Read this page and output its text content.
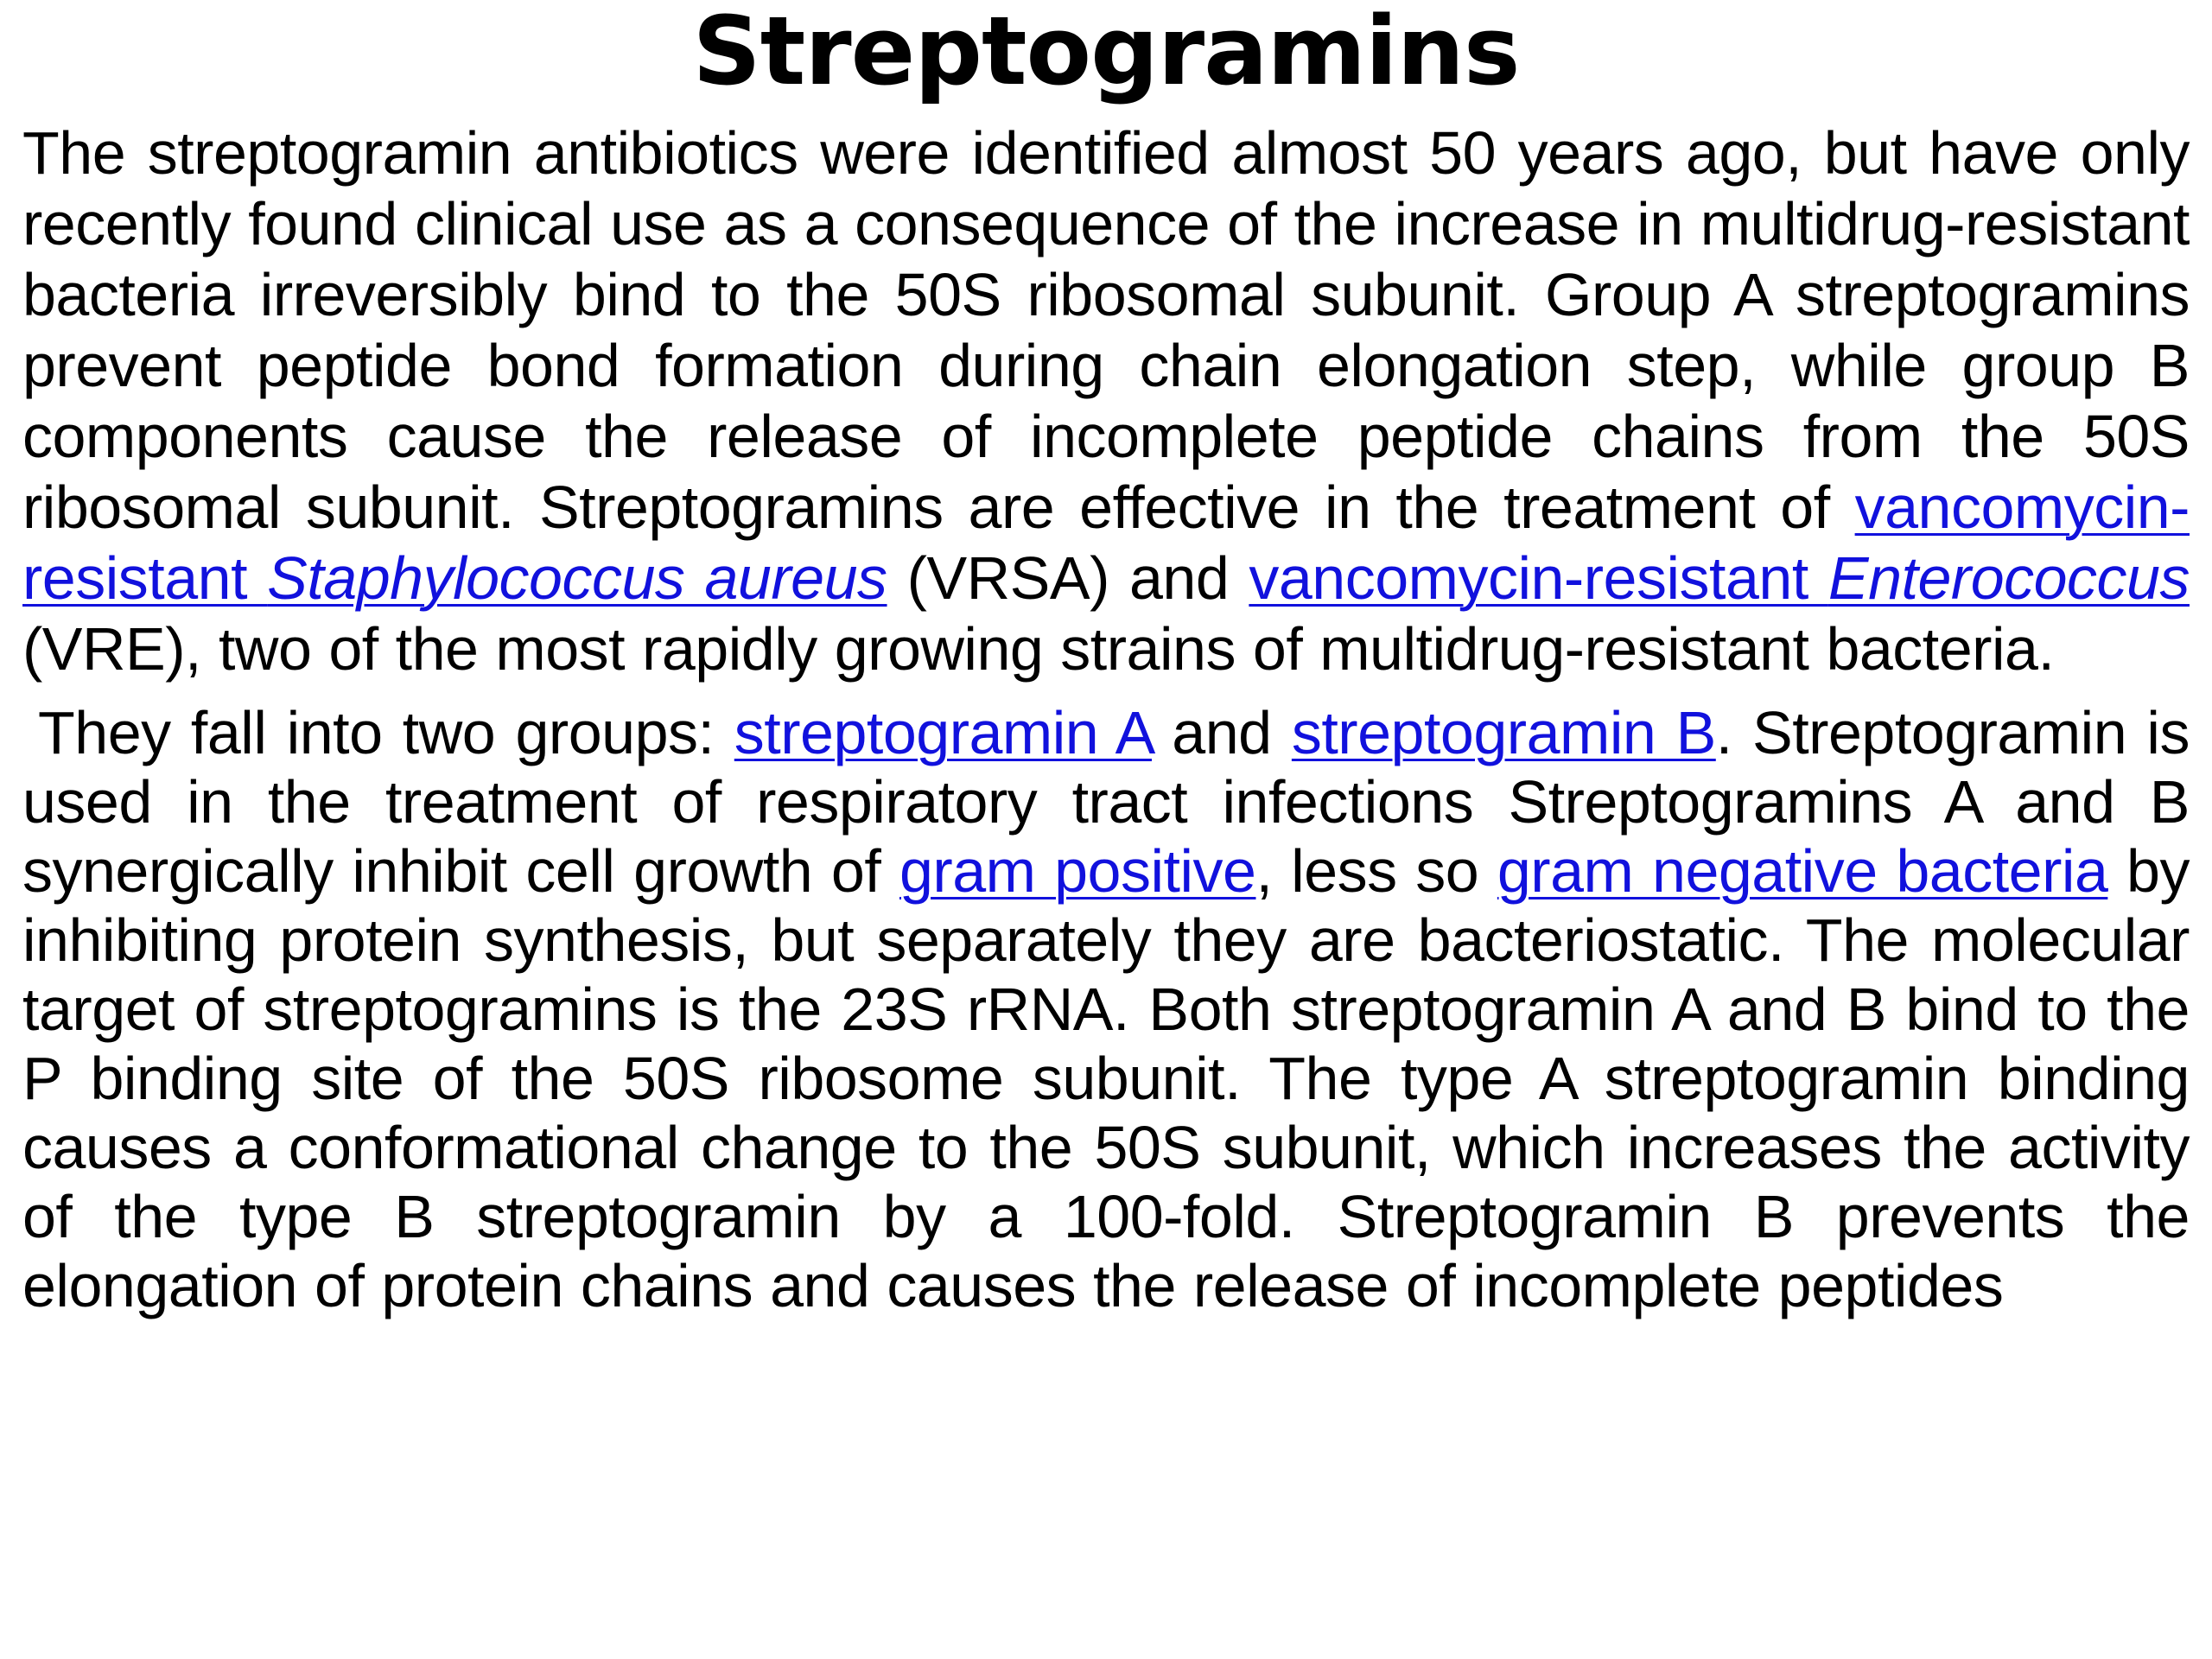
Streptogramins

The streptogramin antibiotics were identified almost 50 years ago, but have only recently found clinical use as a consequence of the increase in multidrug-resistant bacteria irreversibly bind to the 50S ribosomal subunit. Group A streptogramins prevent peptide bond formation during chain elongation step, while group B components cause the release of incomplete peptide chains from the 50S ribosomal subunit. Streptogramins are effective in the treatment of vancomycin-resistant Staphylococcus aureus (VRSA) and vancomycin-resistant Enterococcus (VRE), two of the most rapidly growing strains of multidrug-resistant bacteria.

They fall into two groups: streptogramin A and streptogramin B. Streptogramin is used in the treatment of respiratory tract infections Streptogramins A and B synergically inhibit cell growth of gram positive, less so gram negative bacteria by inhibiting protein synthesis, but separately they are bacteriostatic. The molecular target of streptogramins is the 23S rRNA. Both streptogramin A and B bind to the P binding site of the 50S ribosome subunit. The type A streptogramin binding causes a conformational change to the 50S subunit, which increases the activity of the type B streptogramin by a 100-fold. Streptogramin B prevents the elongation of protein chains and causes the release of incomplete peptides
